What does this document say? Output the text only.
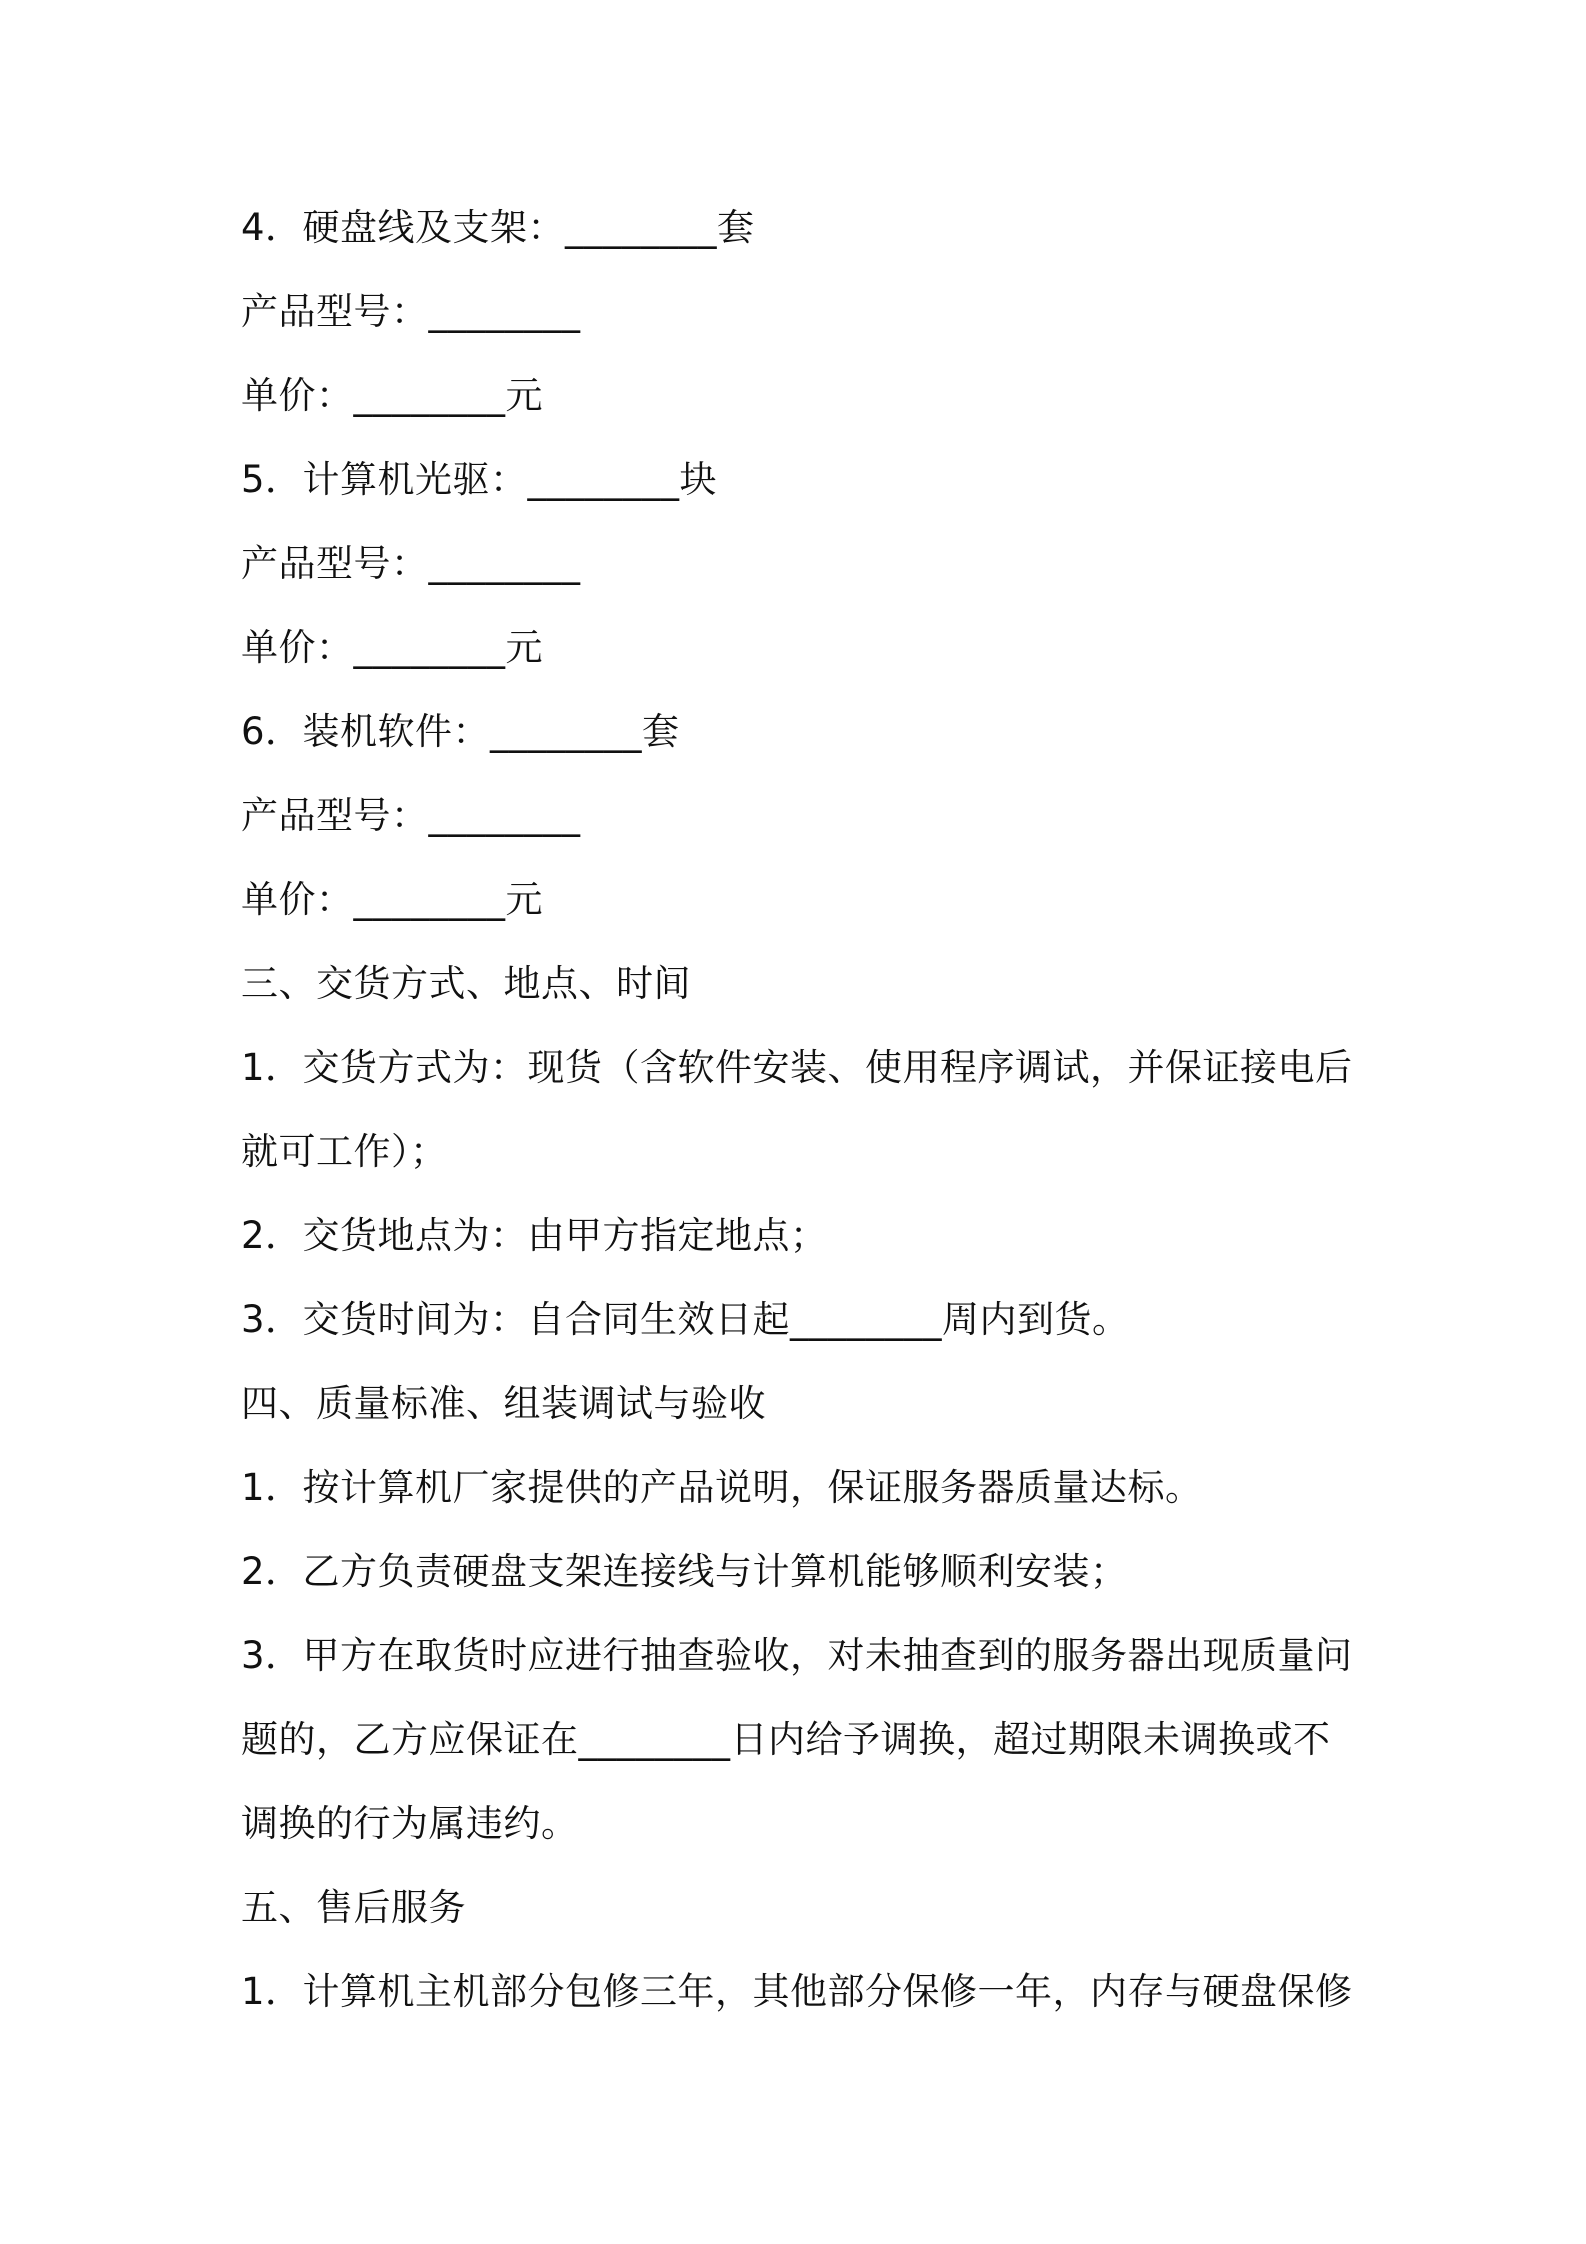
4．硬盘线及支架：________套
产品型号：________
单价：________元
5．计算机光驱：________块
产品型号：________
单价：________元
6．装机软件：________套
产品型号：________
单价：________元
三、交货方式、地点、时间
1．交货方式为：现货（含软件安装、使用程序调试，并保证接电后
就可工作）；
2．交货地点为：由甲方指定地点；
3．交货时间为：自合同生效日起________周内到货。
四、质量标准、组装调试与验收
1．按计算机厂家提供的产品说明，保证服务器质量达标。
2．乙方负责硬盘支架连接线与计算机能够顺利安装；
3．甲方在取货时应进行抽查验收，对未抽查到的服务器出现质量问
题的，乙方应保证在________日内给予调换，超过期限未调换或不
调换的行为属违约。
五、售后服务
1．计算机主机部分包修三年，其他部分保修一年，内存与硬盘保修
